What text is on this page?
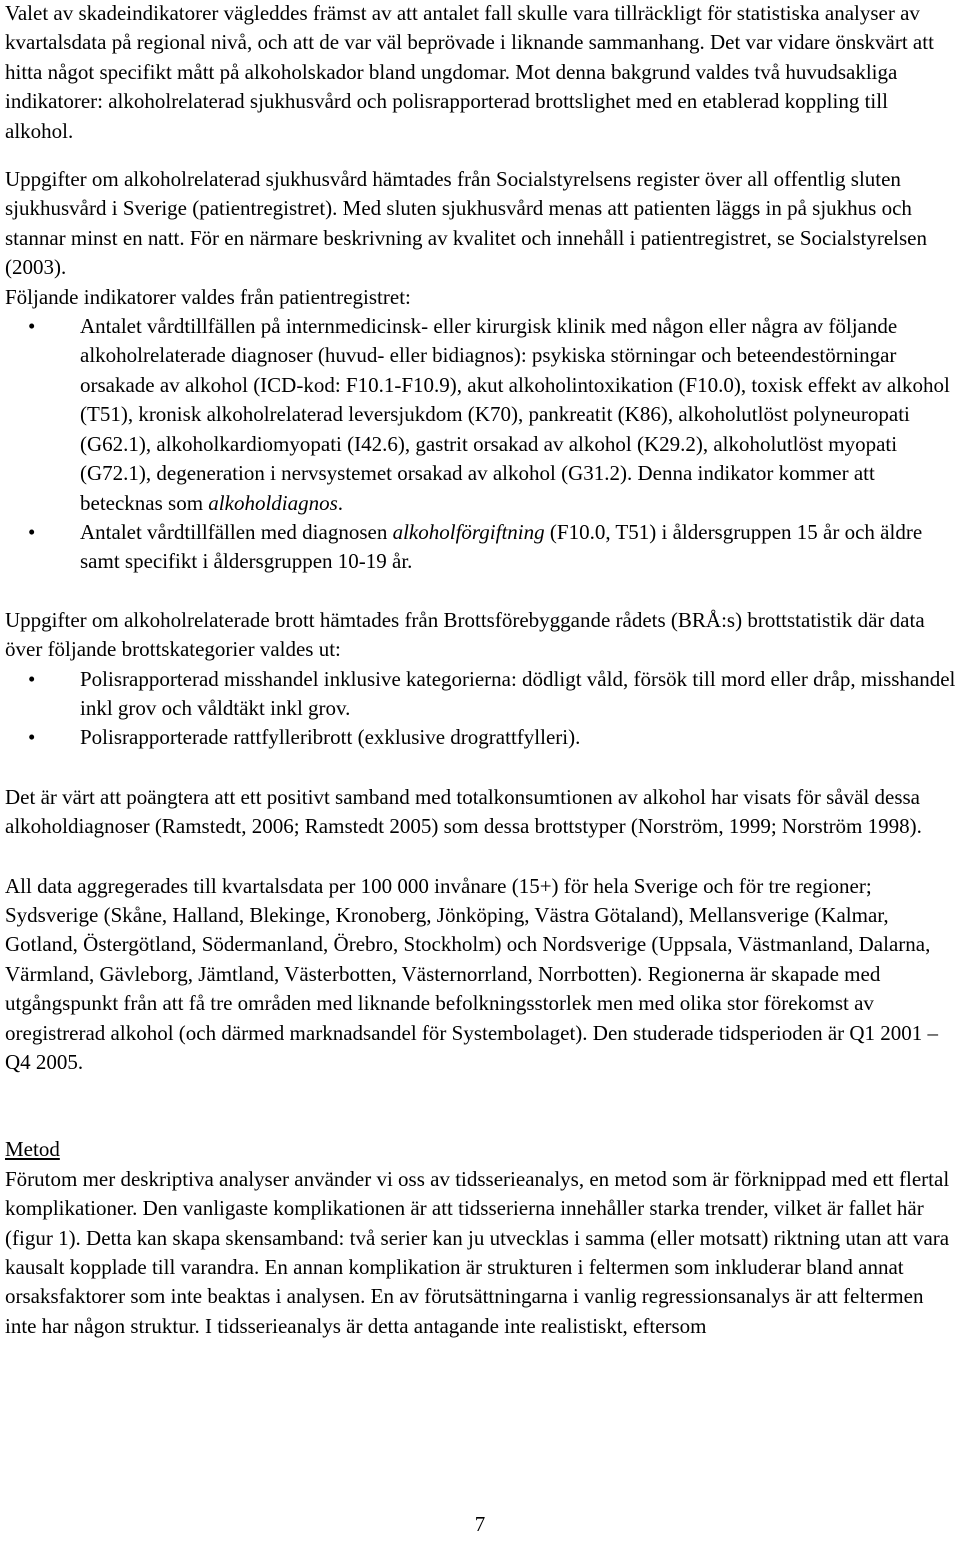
Valet av skadeindikatorer vägleddes främst av att antalet fall skulle vara tillräckligt för statistiska analyser av kvartalsdata på regional nivå, och att de var väl beprövade i liknande sammanhang. Det var vidare önskvärt att hitta något specifikt mått på alkoholskador bland ungdomar. Mot denna bakgrund valdes två huvudsakliga indikatorer: alkoholrelaterad sjukhusvård och polisrapporterad brottslighet med en etablerad koppling till alkohol.

Uppgifter om alkoholrelaterad sjukhusvård hämtades från Socialstyrelsens register över all offentlig sluten sjukhusvård i Sverige (patientregistret). Med sluten sjukhusvård menas att patienten läggs in på sjukhus och stannar minst en natt. För en närmare beskrivning av kvalitet och innehåll i patientregistret, se Socialstyrelsen (2003).

Följande indikatorer valdes från patientregistret:

•	Antalet vårdtillfällen på internmedicinsk- eller kirurgisk klinik med någon eller några av följande alkoholrelaterade diagnoser (huvud- eller bidiagnos): psykiska störningar och beteendestörningar orsakade av alkohol (ICD-kod: F10.1-F10.9), akut alkoholintoxikation (F10.0), toxisk effekt av alkohol (T51), kronisk alkoholrelaterad leversjukdom (K70), pankreatit (K86), alkoholutlöst polyneuropati (G62.1), alkoholkardiomyopati (I42.6), gastrit orsakad av alkohol (K29.2), alkoholutlöst myopati (G72.1), degeneration i nervsystemet orsakad av alkohol (G31.2). Denna indikator kommer att betecknas som alkoholdiagnos.
•	Antalet vårdtillfällen med diagnosen alkoholförgiftning (F10.0, T51) i åldersgruppen 15 år och äldre samt specifikt i åldersgruppen 10-19 år.

Uppgifter om alkoholrelaterade brott hämtades från Brottsförebyggande rådets (BRÅ:s) brottstatistik där data över följande brottskategorier valdes ut:

•	Polisrapporterad misshandel inklusive kategorierna: dödligt våld, försök till mord eller dråp, misshandel inkl grov och våldtäkt inkl grov.
•	Polisrapporterade rattfylleribrott (exklusive drograttfylleri).

Det är värt att poängtera att ett positivt samband med totalkonsumtionen av alkohol har visats för såväl dessa alkoholdiagnoser (Ramstedt, 2006; Ramstedt 2005) som dessa brottstyper (Norström, 1999; Norström 1998).

All data aggregerades till kvartalsdata per 100 000 invånare (15+) för hela Sverige och för tre regioner; Sydsverige (Skåne, Halland, Blekinge, Kronoberg, Jönköping, Västra Götaland), Mellansverige (Kalmar, Gotland, Östergötland, Södermanland, Örebro, Stockholm) och Nordsverige (Uppsala, Västmanland, Dalarna, Värmland, Gävleborg, Jämtland, Västerbotten, Västernorrland, Norrbotten). Regionerna är skapade med utgångspunkt från att få tre områden med liknande befolkningsstorlek men med olika stor förekomst av oregistrerad alkohol (och därmed marknadsandel för Systembolaget). Den studerade tidsperioden är Q1 2001 – Q4 2005.

Metod

Förutom mer deskriptiva analyser använder vi oss av tidsserieanalys, en metod som är förknippad med ett flertal komplikationer. Den vanligaste komplikationen är att tidsserierna innehåller starka trender, vilket är fallet här (figur 1). Detta kan skapa skensamband: två serier kan ju utvecklas i samma (eller motsatt) riktning utan att vara kausalt kopplade till varandra. En annan komplikation är strukturen i feltermen som inkluderar bland annat orsaksfaktorer som inte beaktas i analysen. En av förutsättningarna i vanlig regressionsanalys är att feltermen inte har någon struktur. I tidsserieanalys är detta antagande inte realistiskt, eftersom

7
